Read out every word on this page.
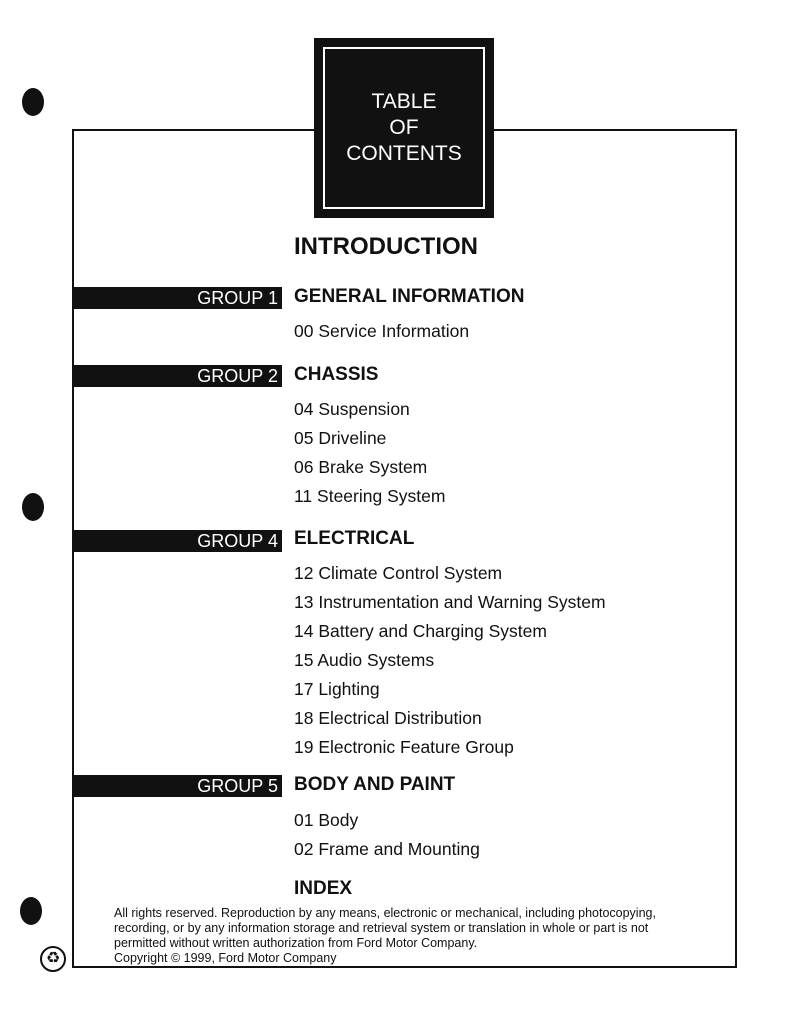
TABLE
OF
CONTENTS
INTRODUCTION
GROUP 1 GENERAL INFORMATION
00 Service Information
GROUP 2 CHASSIS
04 Suspension
05 Driveline
06 Brake System
11 Steering System
GROUP 4 ELECTRICAL
12 Climate Control System
13 Instrumentation and Warning System
14 Battery and Charging System
15 Audio Systems
17 Lighting
18 Electrical Distribution
19 Electronic Feature Group
GROUP 5 BODY AND PAINT
01 Body
02 Frame and Mounting
INDEX
All rights reserved. Reproduction by any means, electronic or mechanical, including photocopying,
recording, or by any information storage and retrieval system or translation in whole or part is not
permitted without written authorization from Ford Motor Company.
Copyright © 1999, Ford Motor Company
♻
